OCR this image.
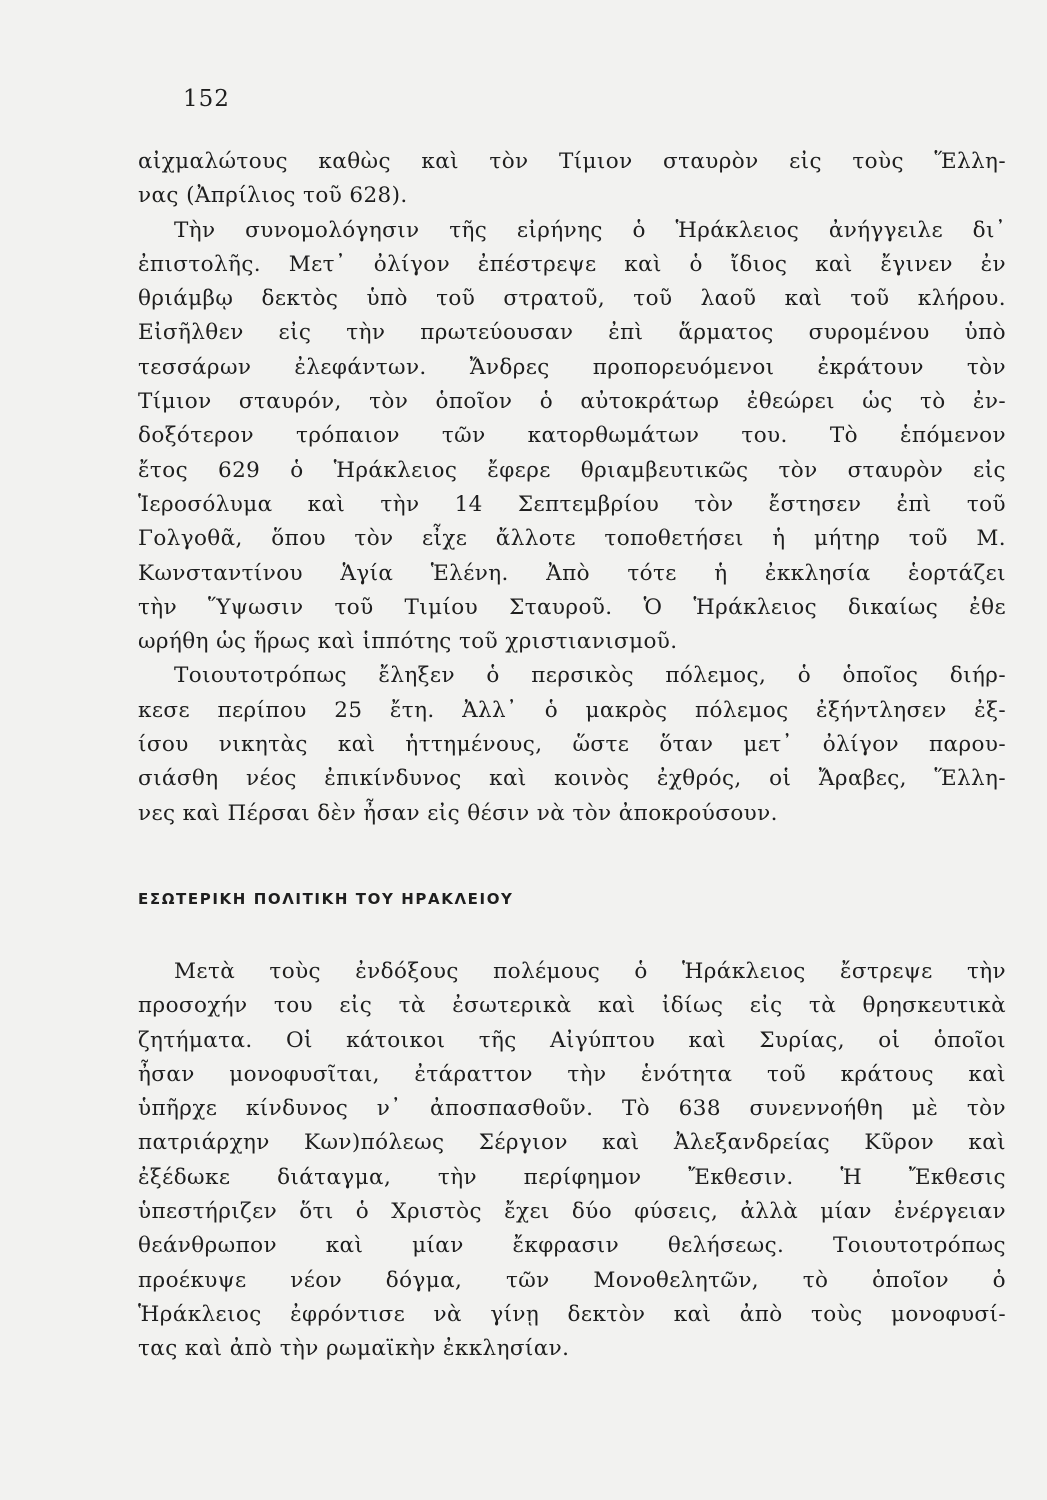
152
αἰχμαλώτους καθὼς καὶ τὸν Τίμιον σταυρὸν εἰς τοὺς Ἕλλη-
νας (Ἀπρίλιος τοῦ 628).
Τὴν συνομολόγησιν τῆς εἰρήνης ὁ Ἡράκλειος ἀνήγγειλε δι᾽
ἐπιστολῆς. Μετ᾽ ὀλίγον ἐπέστρεψε καὶ ὁ ἴδιος καὶ ἔγινεν ἐν
θριάμβῳ δεκτὸς ὑπὸ τοῦ στρατοῦ, τοῦ λαοῦ καὶ τοῦ κλήρου.
Εἰσῆλθεν εἰς τὴν πρωτεύουσαν ἐπὶ ἅρματος συρομένου ὑπὸ
τεσσάρων ἐλεφάντων. Ἄνδρες προπορευόμενοι ἐκράτουν τὸν
Τίμιον σταυρόν, τὸν ὁποῖον ὁ αὐτοκράτωρ ἐθεώρει ὡς τὸ ἐν-
δοξότερον τρόπαιον τῶν κατορθωμάτων του. Τὸ ἑπόμενον
ἔτος 629 ὁ Ἡράκλειος ἔφερε θριαμβευτικῶς τὸν σταυρὸν εἰς
Ἱεροσόλυμα καὶ τὴν 14 Σεπτεμβρίου τὸν ἔστησεν ἐπὶ τοῦ
Γολγοθᾶ, ὅπου τὸν εἶχε ἄλλοτε τοποθετήσει ἡ μήτηρ τοῦ Μ.
Κωνσταντίνου Ἁγία Ἑλένη. Ἀπὸ τότε ἡ ἐκκλησία ἑορτάζει
τὴν Ὕψωσιν τοῦ Τιμίου Σταυροῦ. Ὁ Ἡράκλειος δικαίως ἐθε
ωρήθη ὡς ἥρως καὶ ἱππότης τοῦ χριστιανισμοῦ.
Τοιουτοτρόπως ἔληξεν ὁ περσικὸς πόλεμος, ὁ ὁποῖος διήρ-
κεσε περίπου 25 ἔτη. Ἀλλ᾽ ὁ μακρὸς πόλεμος ἐξήντλησεν ἐξ-
ίσου νικητὰς καὶ ἡττημένους, ὥστε ὅταν μετ᾽ ὀλίγον παρου-
σιάσθη νέος ἐπικίνδυνος καὶ κοινὸς ἐχθρός, οἱ Ἄραβες, Ἕλλη-
νες καὶ Πέρσαι δὲν ἦσαν εἰς θέσιν νὰ τὸν ἀποκρούσουν.
ΕΣΩΤΕΡΙΚΗ ΠΟΛΙΤΙΚΗ ΤΟΥ ΗΡΑΚΛΕΙΟΥ
Μετὰ τοὺς ἐνδόξους πολέμους ὁ Ἡράκλειος ἔστρεψε τὴν
προσοχήν του εἰς τὰ ἐσωτερικὰ καὶ ἰδίως εἰς τὰ θρησκευτικὰ
ζητήματα. Οἱ κάτοικοι τῆς Αἰγύπτου καὶ Συρίας, οἱ ὁποῖοι
ἦσαν μονοφυσῖται, ἐτάραττον τὴν ἑνότητα τοῦ κράτους καὶ
ὑπῆρχε κίνδυνος ν᾽ ἀποσπασθοῦν. Τὸ 638 συνεννοήθη μὲ τὸν
πατριάρχην Κων)πόλεως Σέργιον καὶ Ἀλεξανδρείας Κῦρον καὶ
ἐξέδωκε διάταγμα, τὴν περίφημον Ἔκθεσιν. Ἡ Ἔκθεσις
ὑπεστήριζεν ὅτι ὁ Χριστὸς ἔχει δύο φύσεις, ἀλλὰ μίαν ἐνέργειαν
θεάνθρωπον καὶ μίαν ἔκφρασιν θελήσεως. Τοιουτοτρόπως
προέκυψε νέον δόγμα, τῶν Μονοθελητῶν, τὸ ὁποῖον ὁ
Ἡράκλειος ἐφρόντισε νὰ γίνῃ δεκτὸν καὶ ἀπὸ τοὺς μονοφυσί-
τας καὶ ἀπὸ τὴν ρωμαϊκὴν ἐκκλησίαν.
